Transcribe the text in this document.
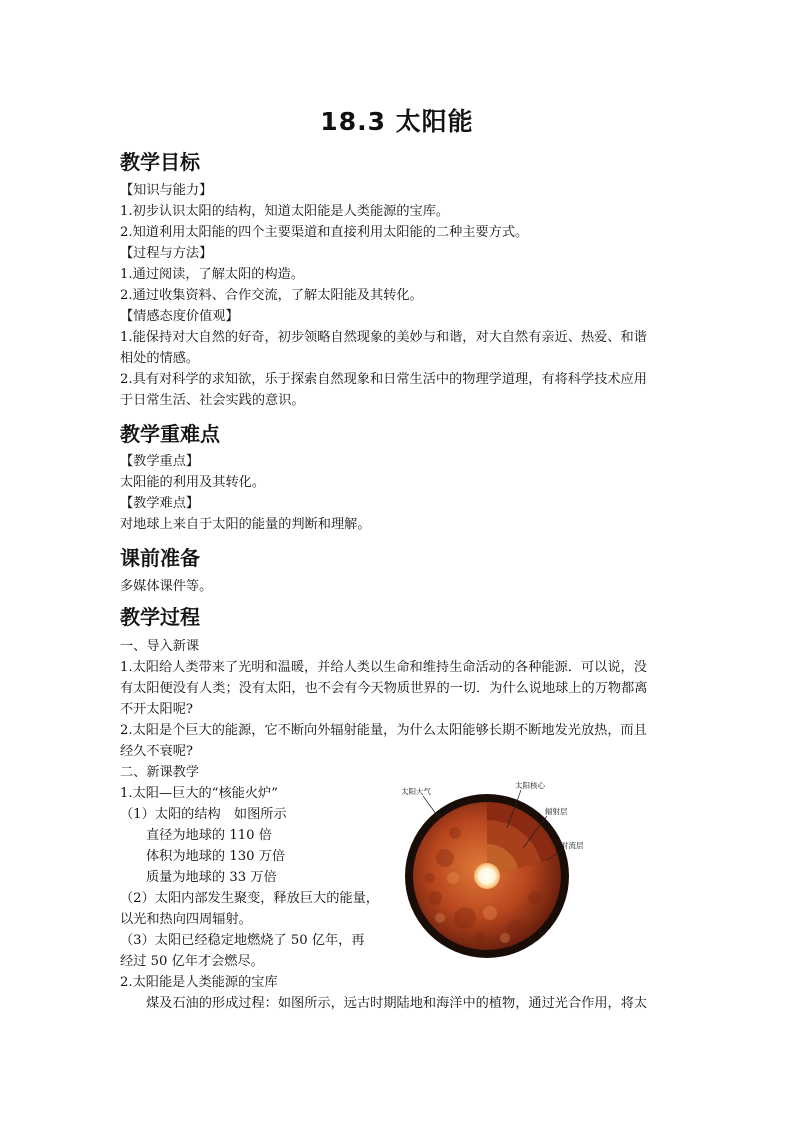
18.3 太阳能
教学目标
【知识与能力】
1.初步认识太阳的结构，知道太阳能是人类能源的宝库。
2.知道利用太阳能的四个主要渠道和直接利用太阳能的二种主要方式。
【过程与方法】
1.通过阅读，了解太阳的构造。
2.通过收集资料、合作交流，了解太阳能及其转化。
【情感态度价值观】
1.能保持对大自然的好奇，初步领略自然现象的美妙与和谐，对大自然有亲近、热爱、和谐
相处的情感。
2.具有对科学的求知欲，乐于探索自然现象和日常生活中的物理学道理，有将科学技术应用
于日常生活、社会实践的意识。
教学重难点
【教学重点】
太阳能的利用及其转化。
【教学难点】
对地球上来自于太阳的能量的判断和理解。
课前准备
多媒体课件等。
教学过程
一、导入新课
1.太阳给人类带来了光明和温暖，并给人类以生命和维持生命活动的各种能源．可以说，没
有太阳便没有人类；没有太阳，也不会有今天物质世界的一切．为什么说地球上的万物都离
不开太阳呢?
2.太阳是个巨大的能源，它不断向外辐射能量，为什么太阳能够长期不断地发光放热，而且
经久不衰呢?
二、新课教学
1.太阳—巨大的“核能火炉”
（1）太阳的结构　如图所示
直径为地球的 110 倍
体积为地球的 130 万倍
质量为地球的 33 万倍
（2）太阳内部发生聚变，释放巨大的能量，
以光和热向四周辐射。
（3）太阳已经稳定地燃烧了 50 亿年，再
经过 50 亿年才会燃尽。
2.太阳能是人类能源的宝库
煤及石油的形成过程：如图所示，远古时期陆地和海洋中的植物，通过光合作用，将太
太阳大气
太阳核心
辐射层
对流层
